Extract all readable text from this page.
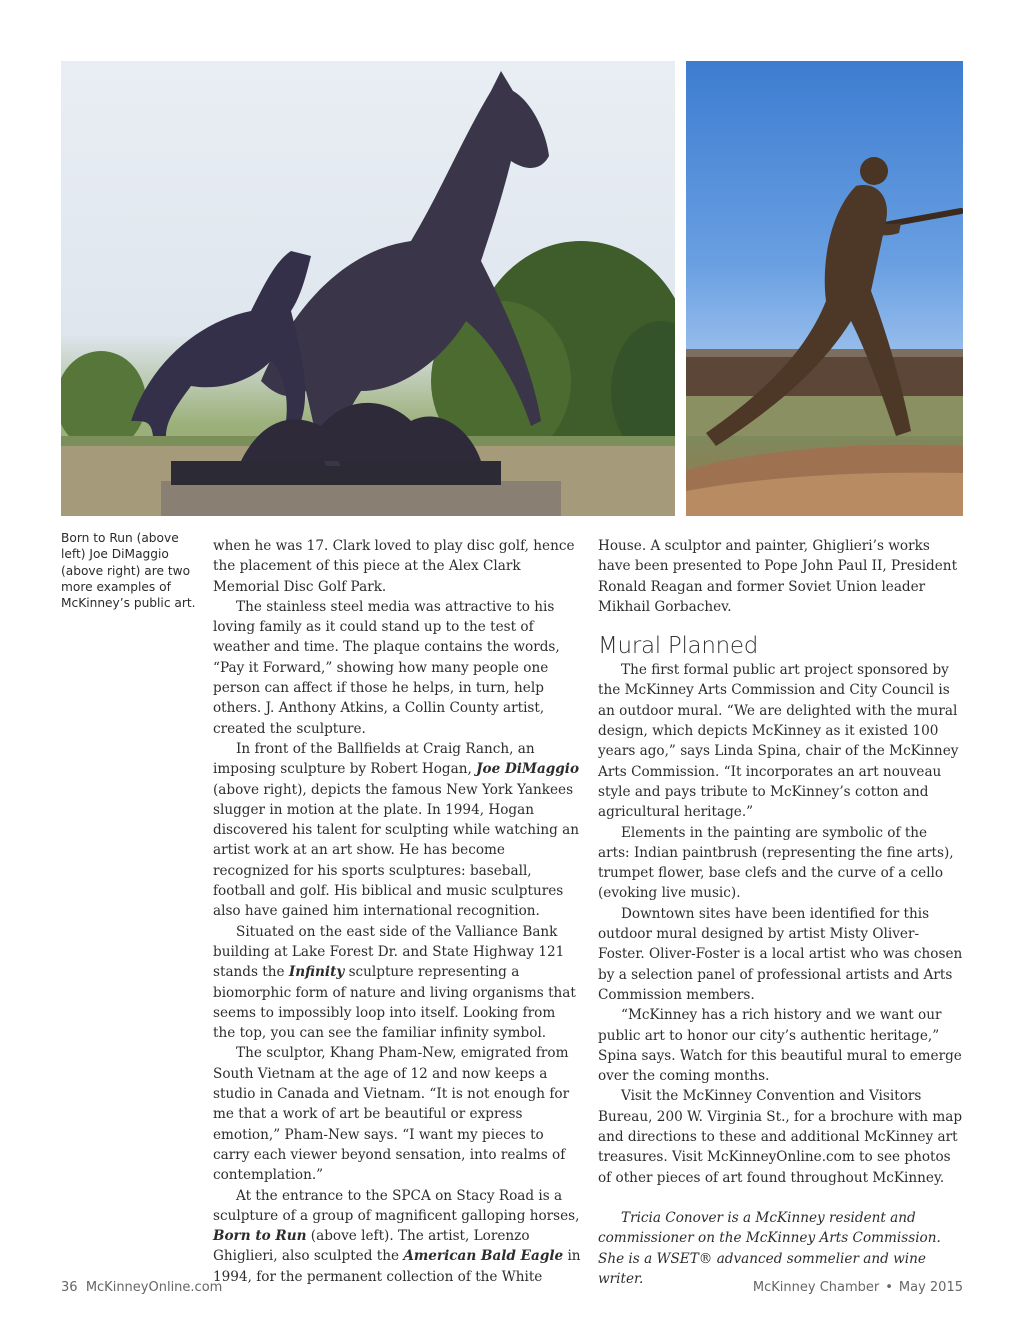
Born to Run (above left) Joe DiMaggio (above right) are two more examples of McKinney’s public art.

when he was 17. Clark loved to play disc golf, hence the placement of this piece at the Alex Clark Memorial Disc Golf Park.

The stainless steel media was attractive to his loving family as it could stand up to the test of weather and time. The plaque contains the words, “Pay it Forward,” showing how many people one person can affect if those he helps, in turn, help others. J. Anthony Atkins, a Collin County artist, created the sculpture.

In front of the Ballfields at Craig Ranch, an imposing sculpture by Robert Hogan, Joe DiMaggio (above right), depicts the famous New York Yankees slugger in motion at the plate. In 1994, Hogan discovered his talent for sculpting while watching an artist work at an art show. He has become recognized for his sports sculptures: baseball, football and golf. His biblical and music sculptures also have gained him international recognition.

Situated on the east side of the Valliance Bank building at Lake Forest Dr. and State Highway 121 stands the Infinity sculpture representing a biomorphic form of nature and living organisms that seems to impossibly loop into itself. Looking from the top, you can see the familiar infinity symbol.

The sculptor, Khang Pham-New, emigrated from South Vietnam at the age of 12 and now keeps a studio in Canada and Vietnam. “It is not enough for me that a work of art be beautiful or express emotion,” Pham-New says. “I want my pieces to carry each viewer beyond sensation, into realms of contemplation.”

At the entrance to the SPCA on Stacy Road is a sculpture of a group of magnificent galloping horses, Born to Run (above left). The artist, Lorenzo Ghiglieri, also sculpted the American Bald Eagle in 1994, for the permanent collection of the White

House. A sculptor and painter, Ghiglieri’s works have been presented to Pope John Paul II, President Ronald Reagan and former Soviet Union leader Mikhail Gorbachev.

Mural Planned

The first formal public art project sponsored by the McKinney Arts Commission and City Council is an outdoor mural. “We are delighted with the mural design, which depicts McKinney as it existed 100 years ago,” says Linda Spina, chair of the McKinney Arts Commission. “It incorporates an art nouveau style and pays tribute to McKinney’s cotton and agricultural heritage.”

Elements in the painting are symbolic of the arts: Indian paintbrush (representing the fine arts), trumpet flower, base clefs and the curve of a cello (evoking live music).

Downtown sites have been identified for this outdoor mural designed by artist Misty Oliver-Foster. Oliver-Foster is a local artist who was chosen by a selection panel of professional artists and Arts Commission members.

“McKinney has a rich history and we want our public art to honor our city’s authentic heritage,” Spina says. Watch for this beautiful mural to emerge over the coming months.

Visit the McKinney Convention and Visitors Bureau, 200 W. Virginia St., for a brochure with map and directions to these and additional McKinney art treasures. Visit McKinneyOnline.com to see photos of other pieces of art found throughout McKinney.

Tricia Conover is a McKinney resident and commissioner on the McKinney Arts Commission. She is a WSET® advanced sommelier and wine writer.

36 McKinneyOnline.com	McKinney Chamber • May 2015
